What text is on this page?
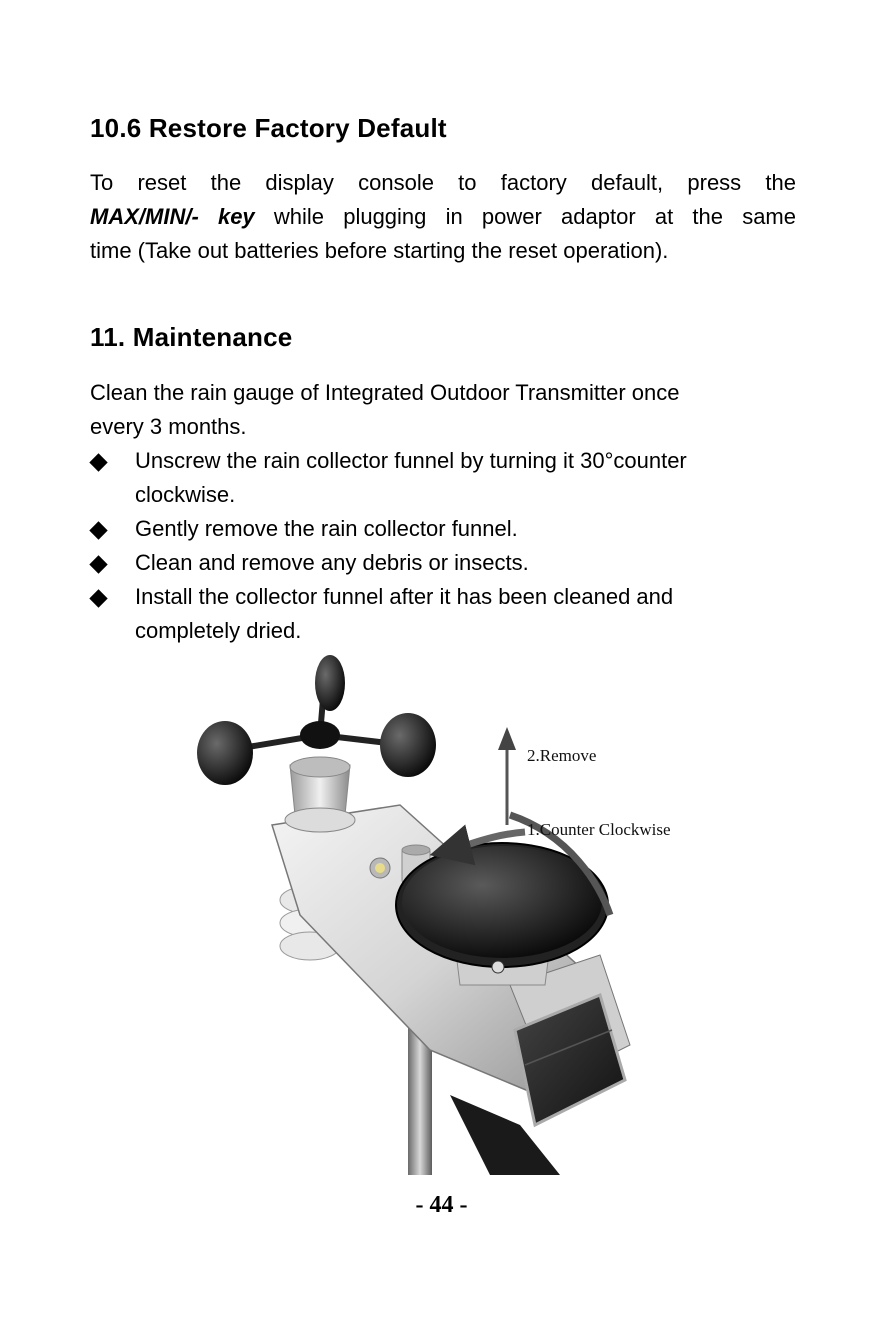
10.6 Restore Factory Default

To reset the display console to factory default, press the
MAX/MIN/- key while plugging in power adaptor at the same
time (Take out batteries before starting the reset operation).

11. Maintenance

Clean the rain gauge of Integrated Outdoor Transmitter once
every 3 months.

Unscrew the rain collector funnel by turning it 30°counter
clockwise.
Gently remove the rain collector funnel.
Clean and remove any debris or insects.
Install the collector funnel after it has been cleaned and
completely dried.
2.Remove
1.Counter Clockwise
- 44 -
